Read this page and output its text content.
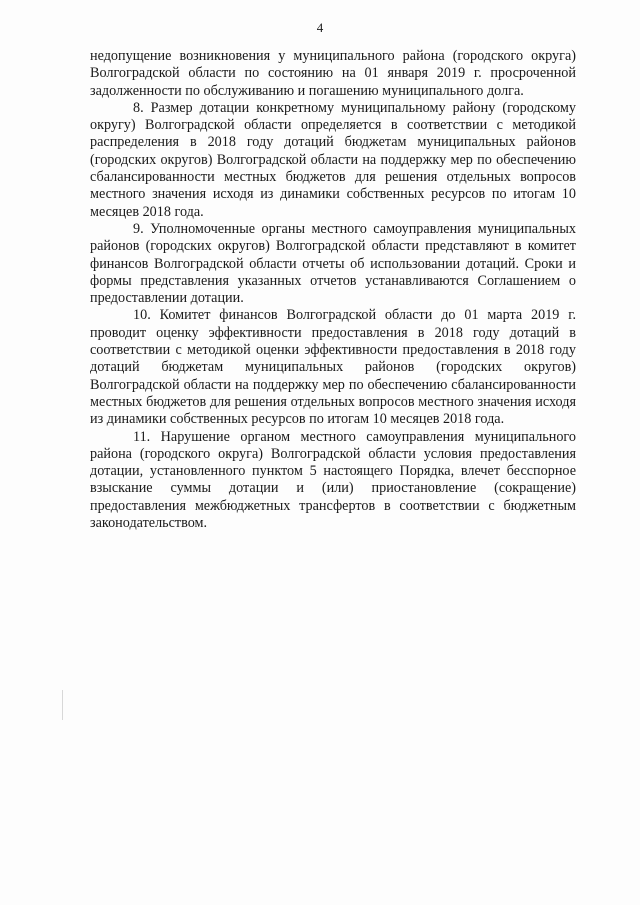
4

недопущение возникновения у муниципального района (городского округа) Волгоградской области по состоянию на 01 января 2019 г. просроченной задолженности по обслуживанию и погашению муниципального долга.

8. Размер дотации конкретному муниципальному району (городскому округу) Волгоградской области определяется в соответствии с методикой распределения в 2018 году дотаций бюджетам муниципальных районов (городских округов) Волгоградской области на поддержку мер по обеспечению сбалансированности местных бюджетов для решения отдельных вопросов местного значения исходя из динамики собственных ресурсов по итогам 10 месяцев 2018 года.

9. Уполномоченные органы местного самоуправления муниципальных районов (городских округов) Волгоградской области представляют в комитет финансов Волгоградской области отчеты об использовании дотаций. Сроки и формы представления указанных отчетов устанавливаются Соглашением о предоставлении дотации.

10. Комитет финансов Волгоградской области до 01 марта 2019 г. проводит оценку эффективности предоставления в 2018 году дотаций в соответствии с методикой оценки эффективности предоставления в 2018 году дотаций бюджетам муниципальных районов (городских округов) Волгоградской области на поддержку мер по обеспечению сбалансированности местных бюджетов для решения отдельных вопросов местного значения исходя из динамики собственных ресурсов по итогам 10 месяцев 2018 года.

11. Нарушение органом местного самоуправления муниципального района (городского округа) Волгоградской области условия предоставления дотации, установленного пунктом 5 настоящего Порядка, влечет бесспорное взыскание суммы дотации и (или) приостановление (сокращение) предоставления межбюджетных трансфертов в соответствии с бюджетным законодательством.
